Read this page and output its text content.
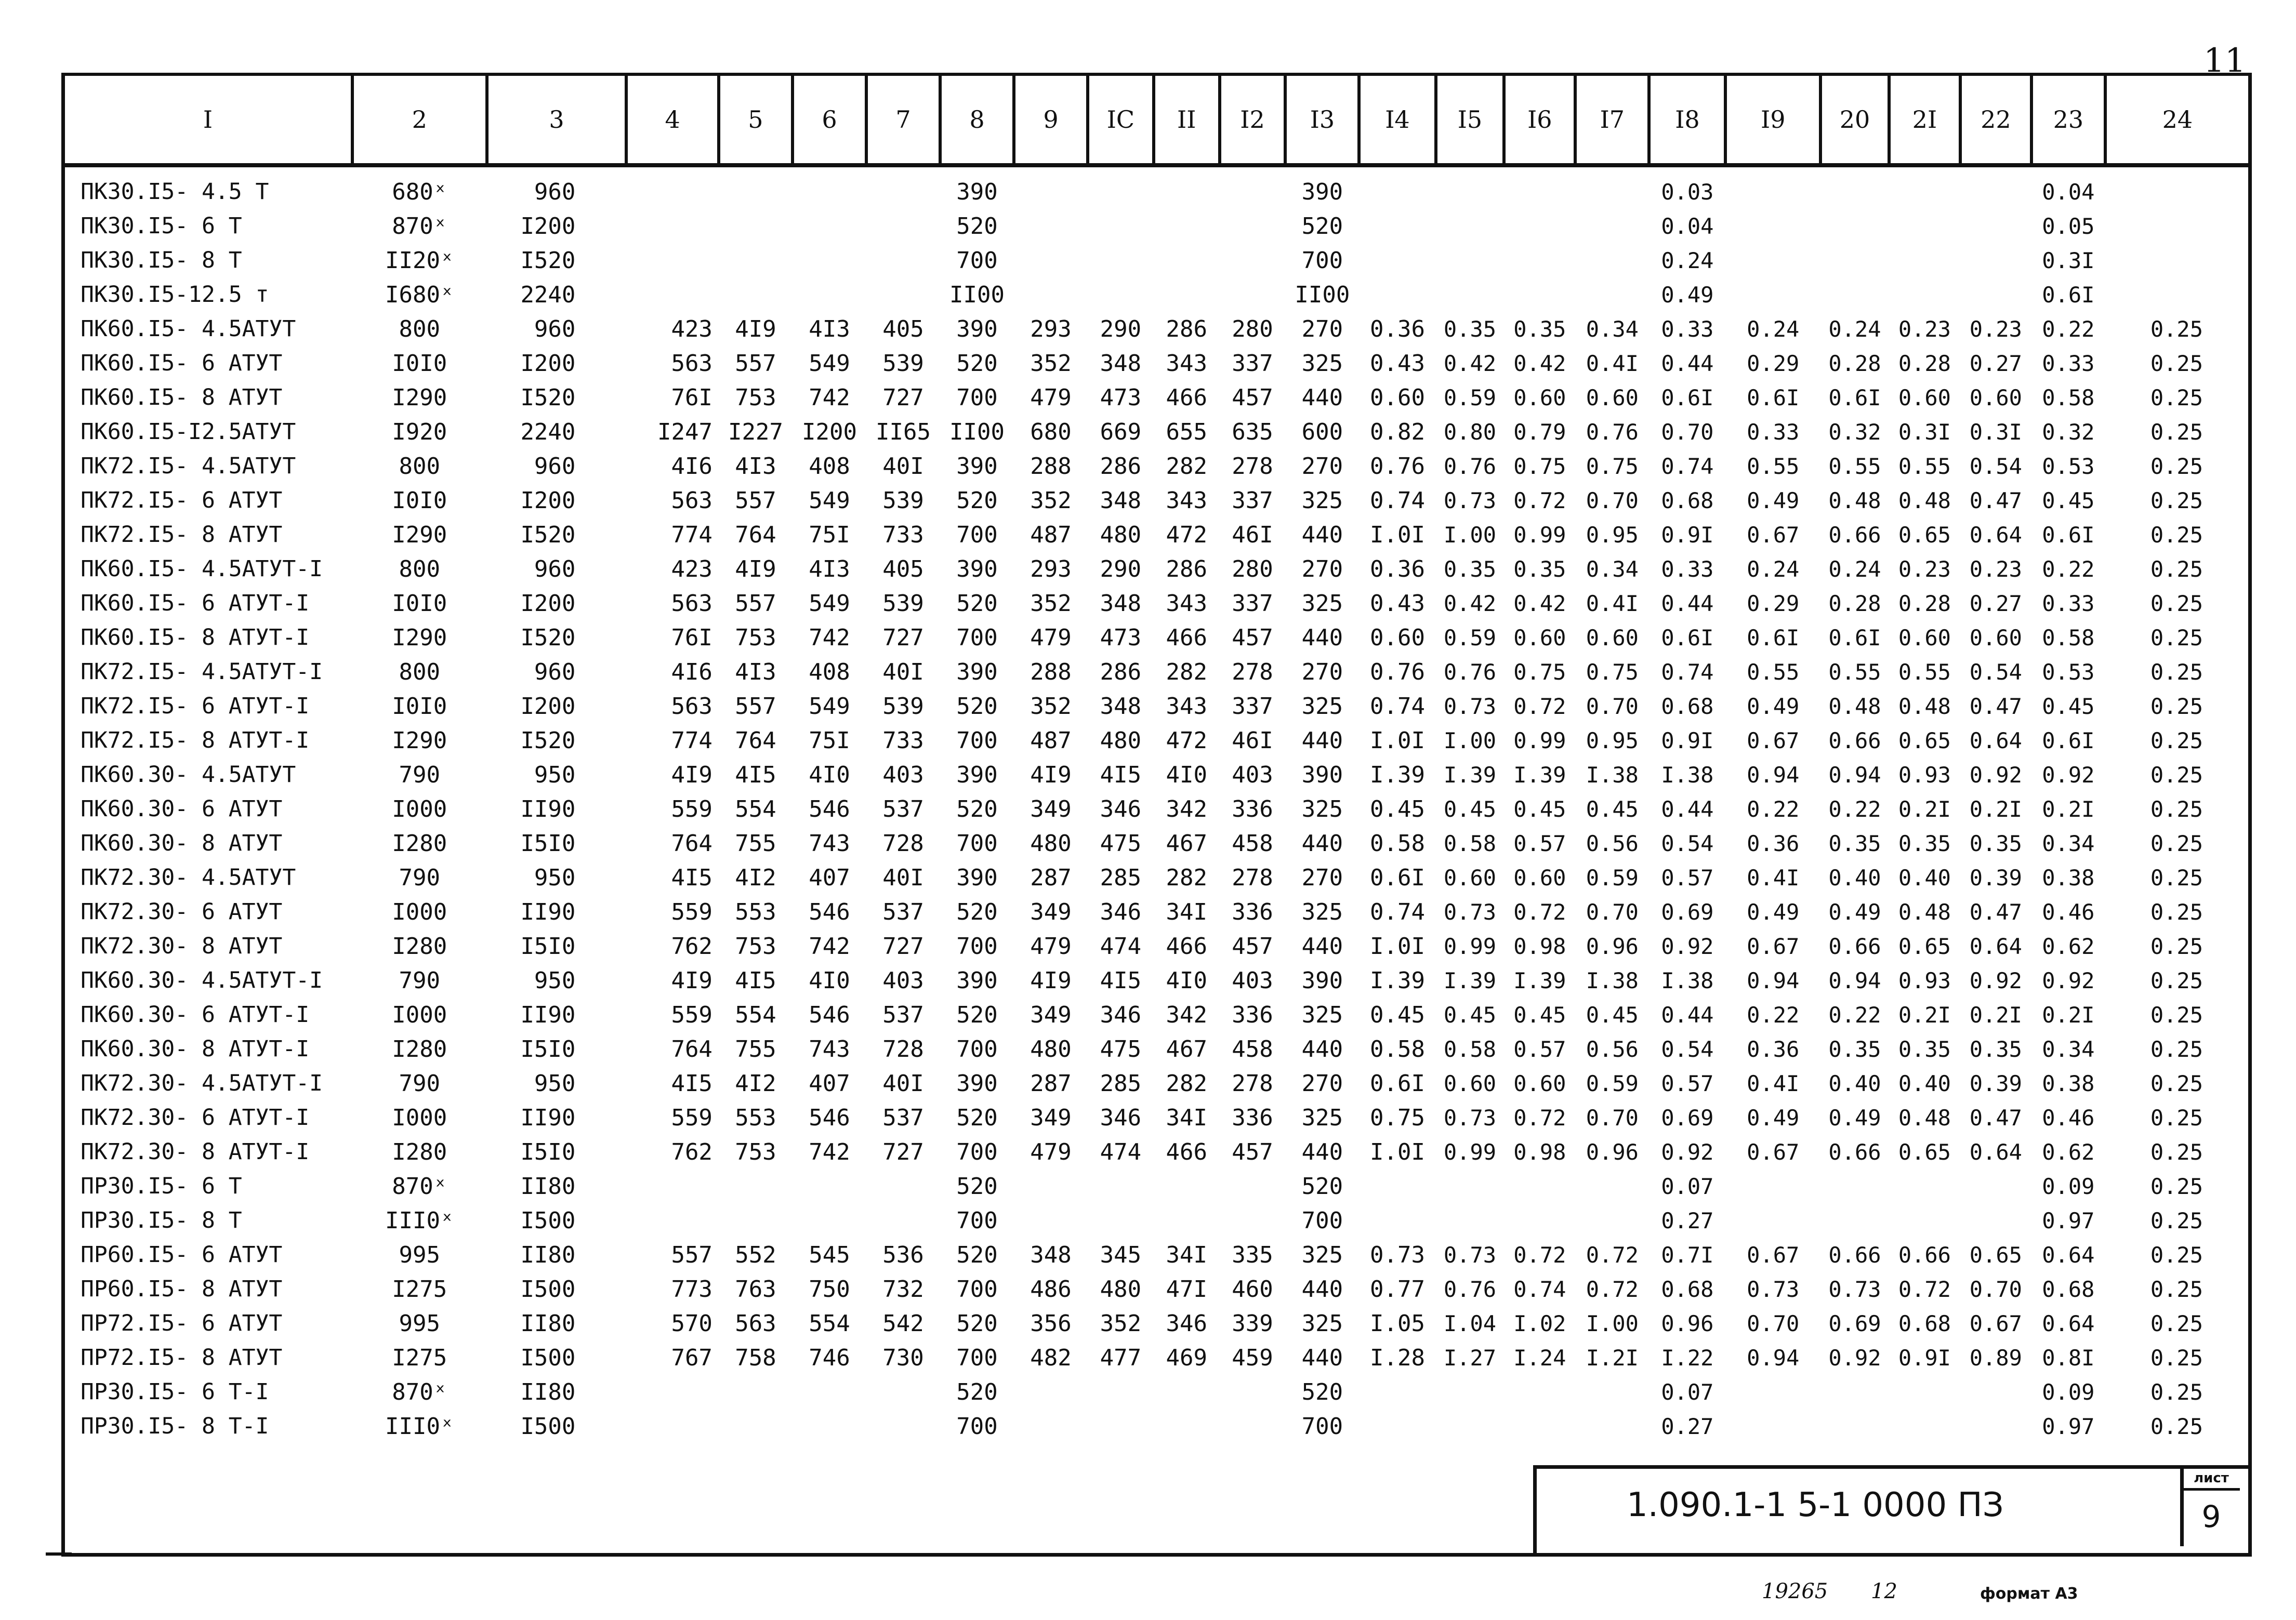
11
I	2	3	4	5	6	7	8	9	IC	II	I2	I3	I4	I5	I6	I7	I8	I9	20	2I	22	23	24
ПК30.I5- 4.5 Т	680ˣ	960					390					390					0.03					0.04	
ПК30.I5- 6 Т	870ˣ	I200					520					520					0.04					0.05	
ПК30.I5- 8 Т	II20ˣ	I520					700					700					0.24					0.3I	
ПК30.I5-12.5 т	I680ˣ	2240					II00					II00					0.49					0.6I	
ПК60.I5- 4.5АТУТ	800	960	423	4I9	4I3	405	390	293	290	286	280	270	0.36	0.35	0.35	0.34	0.33	0.24	0.24	0.23	0.23	0.22	0.25
ПК60.I5- 6 АТУТ	I0I0	I200	563	557	549	539	520	352	348	343	337	325	0.43	0.42	0.42	0.4I	0.44	0.29	0.28	0.28	0.27	0.33	0.25
ПК60.I5- 8 АТУТ	I290	I520	76I	753	742	727	700	479	473	466	457	440	0.60	0.59	0.60	0.60	0.6I	0.6I	0.6I	0.60	0.60	0.58	0.25
ПК60.I5-I2.5АТУТ	I920	2240	I247	I227	I200	II65	II00	680	669	655	635	600	0.82	0.80	0.79	0.76	0.70	0.33	0.32	0.3I	0.3I	0.32	0.25
ПК72.I5- 4.5АТУТ	800	960	4I6	4I3	408	40I	390	288	286	282	278	270	0.76	0.76	0.75	0.75	0.74	0.55	0.55	0.55	0.54	0.53	0.25
ПК72.I5- 6 АТУТ	I0I0	I200	563	557	549	539	520	352	348	343	337	325	0.74	0.73	0.72	0.70	0.68	0.49	0.48	0.48	0.47	0.45	0.25
ПК72.I5- 8 АТУТ	I290	I520	774	764	75I	733	700	487	480	472	46I	440	I.0I	I.00	0.99	0.95	0.9I	0.67	0.66	0.65	0.64	0.6I	0.25
ПК60.I5- 4.5АТУТ-I	800	960	423	4I9	4I3	405	390	293	290	286	280	270	0.36	0.35	0.35	0.34	0.33	0.24	0.24	0.23	0.23	0.22	0.25
ПК60.I5- 6 АТУТ-I	I0I0	I200	563	557	549	539	520	352	348	343	337	325	0.43	0.42	0.42	0.4I	0.44	0.29	0.28	0.28	0.27	0.33	0.25
ПК60.I5- 8 АТУТ-I	I290	I520	76I	753	742	727	700	479	473	466	457	440	0.60	0.59	0.60	0.60	0.6I	0.6I	0.6I	0.60	0.60	0.58	0.25
ПК72.I5- 4.5АТУТ-I	800	960	4I6	4I3	408	40I	390	288	286	282	278	270	0.76	0.76	0.75	0.75	0.74	0.55	0.55	0.55	0.54	0.53	0.25
ПК72.I5- 6 АТУТ-I	I0I0	I200	563	557	549	539	520	352	348	343	337	325	0.74	0.73	0.72	0.70	0.68	0.49	0.48	0.48	0.47	0.45	0.25
ПК72.I5- 8 АТУТ-I	I290	I520	774	764	75I	733	700	487	480	472	46I	440	I.0I	I.00	0.99	0.95	0.9I	0.67	0.66	0.65	0.64	0.6I	0.25
ПК60.30- 4.5АТУТ	790	950	4I9	4I5	4I0	403	390	4I9	4I5	4I0	403	390	I.39	I.39	I.39	I.38	I.38	0.94	0.94	0.93	0.92	0.92	0.25
ПК60.30- 6 АТУТ	I000	II90	559	554	546	537	520	349	346	342	336	325	0.45	0.45	0.45	0.45	0.44	0.22	0.22	0.2I	0.2I	0.2I	0.25
ПК60.30- 8 АТУТ	I280	I5I0	764	755	743	728	700	480	475	467	458	440	0.58	0.58	0.57	0.56	0.54	0.36	0.35	0.35	0.35	0.34	0.25
ПК72.30- 4.5АТУТ	790	950	4I5	4I2	407	40I	390	287	285	282	278	270	0.6I	0.60	0.60	0.59	0.57	0.4I	0.40	0.40	0.39	0.38	0.25
ПК72.30- 6 АТУТ	I000	II90	559	553	546	537	520	349	346	34I	336	325	0.74	0.73	0.72	0.70	0.69	0.49	0.49	0.48	0.47	0.46	0.25
ПК72.30- 8 АТУТ	I280	I5I0	762	753	742	727	700	479	474	466	457	440	I.0I	0.99	0.98	0.96	0.92	0.67	0.66	0.65	0.64	0.62	0.25
ПК60.30- 4.5АТУТ-I	790	950	4I9	4I5	4I0	403	390	4I9	4I5	4I0	403	390	I.39	I.39	I.39	I.38	I.38	0.94	0.94	0.93	0.92	0.92	0.25
ПК60.30- 6 АТУТ-I	I000	II90	559	554	546	537	520	349	346	342	336	325	0.45	0.45	0.45	0.45	0.44	0.22	0.22	0.2I	0.2I	0.2I	0.25
ПК60.30- 8 АТУТ-I	I280	I5I0	764	755	743	728	700	480	475	467	458	440	0.58	0.58	0.57	0.56	0.54	0.36	0.35	0.35	0.35	0.34	0.25
ПК72.30- 4.5АТУТ-I	790	950	4I5	4I2	407	40I	390	287	285	282	278	270	0.6I	0.60	0.60	0.59	0.57	0.4I	0.40	0.40	0.39	0.38	0.25
ПК72.30- 6 АТУТ-I	I000	II90	559	553	546	537	520	349	346	34I	336	325	0.75	0.73	0.72	0.70	0.69	0.49	0.49	0.48	0.47	0.46	0.25
ПК72.30- 8 АТУТ-I	I280	I5I0	762	753	742	727	700	479	474	466	457	440	I.0I	0.99	0.98	0.96	0.92	0.67	0.66	0.65	0.64	0.62	0.25
ПР30.I5- 6 Т	870ˣ	II80					520					520					0.07					0.09	0.25
ПР30.I5- 8 Т	III0ˣ	I500					700					700					0.27					0.97	0.25
ПР60.I5- 6 АТУТ	995	II80	557	552	545	536	520	348	345	34I	335	325	0.73	0.73	0.72	0.72	0.7I	0.67	0.66	0.66	0.65	0.64	0.25
ПР60.I5- 8 АТУТ	I275	I500	773	763	750	732	700	486	480	47I	460	440	0.77	0.76	0.74	0.72	0.68	0.73	0.73	0.72	0.70	0.68	0.25
ПР72.I5- 6 АТУТ	995	II80	570	563	554	542	520	356	352	346	339	325	I.05	I.04	I.02	I.00	0.96	0.70	0.69	0.68	0.67	0.64	0.25
ПР72.I5- 8 АТУТ	I275	I500	767	758	746	730	700	482	477	469	459	440	I.28	I.27	I.24	I.2I	I.22	0.94	0.92	0.9I	0.89	0.8I	0.25
ПР30.I5- 6 Т-I	870ˣ	II80					520					520					0.07					0.09	0.25
ПР30.I5- 8 Т-I	III0ˣ	I500					700					700					0.27					0.97	0.25
1.090.1-1 5-1 0000 ПЗ
лист
9
19265 12	формат А3
